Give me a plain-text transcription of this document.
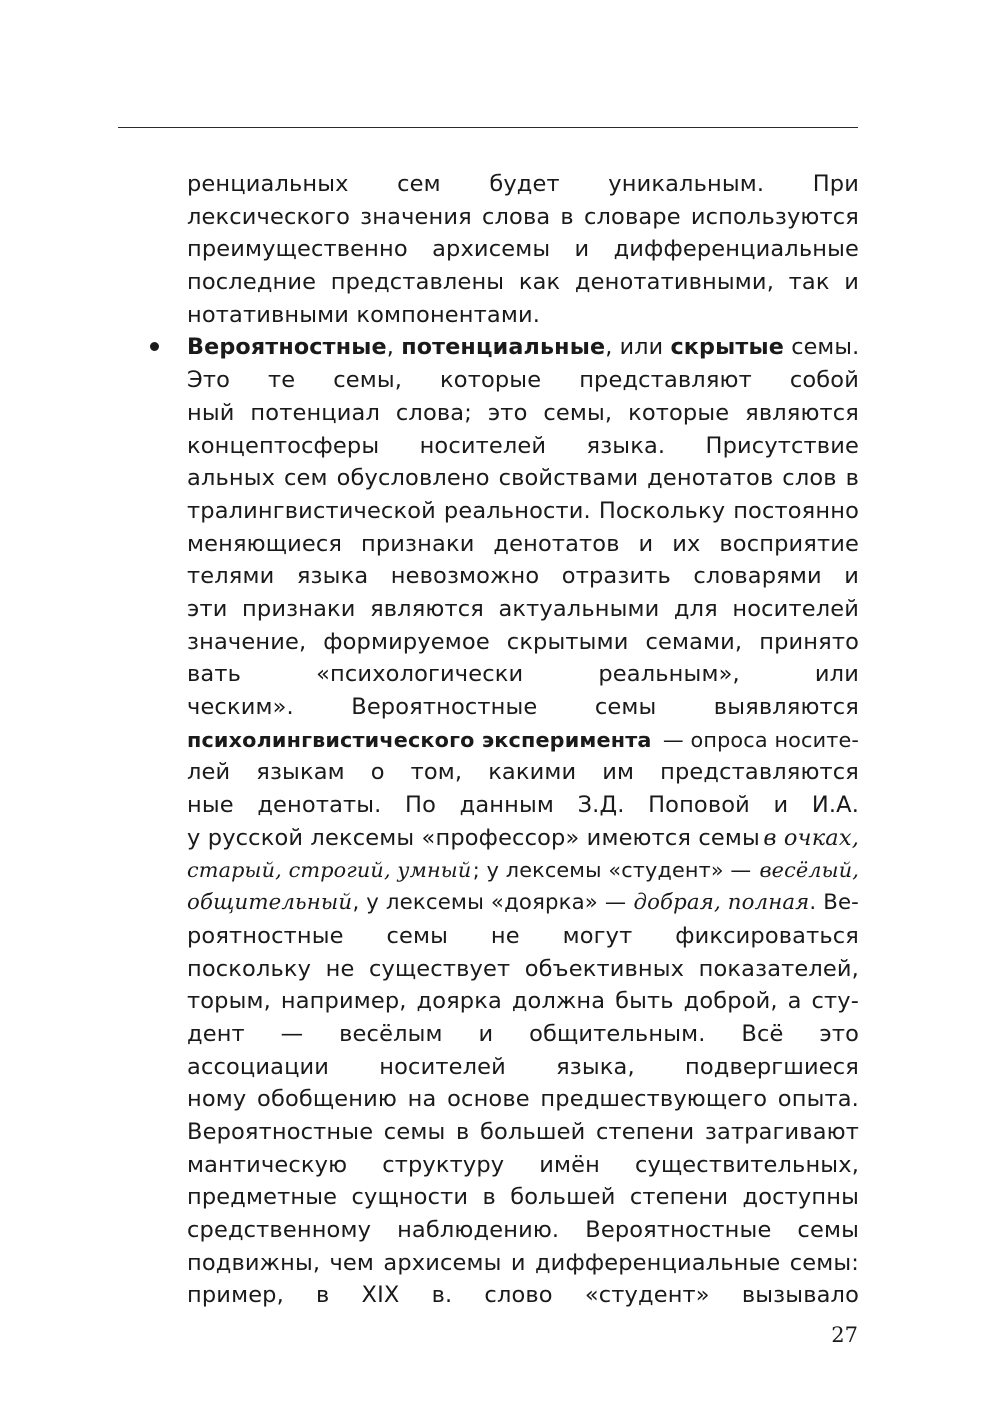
ренциальных сем будет уникальным. При
лексического значения слова в словаре используются
преимущественно архисемы и дифференциальные
последние представлены как денотативными, так и
нотативными компонентами.
Вероятностные, потенциальные , или скрытые семы.
Это те семы, которые представляют собой
ный потенциал слова; это семы, которые являются
концептосферы носителей языка. Присутствие
альных сем обусловлено свойствами денотатов слов в
тралингвистической реальности. Поскольку постоянно
меняющиеся признаки денотатов и их восприятие
телями языка невозможно отразить словарями и
эти признаки являются актуальными для носителей
значение, формируемое скрытыми семами, принято
вать «психологически реальным», или
ческим». Вероятностные семы выявляются
психолингвистического эксперимента — опроса носите-
лей языкам о том, какими им представляются
ные денотаты. По данным З.Д. Поповой и И.А.
у русской лексемы «профессор» имеются семы в очках,
старый, строгий, умный ; у лексемы «студент» — весёлый,
общительный , у лексемы «доярка» — добрая, полная. Ве-
роятностные семы не могут фиксироваться
поскольку не существует объективных показателей,
торым, например, доярка должна быть доброй, а сту-
дент — весёлым и общительным. Всё это
ассоциации носителей языка, подвергшиеся
ному обобщению на основе предшествующего опыта.
Вероятностные семы в большей степени затрагивают
мантическую структуру имён существительных,
предметные сущности в большей степени доступны
средственному наблюдению. Вероятностные семы
подвижны, чем архисемы и дифференциальные семы:
пример, в XIX в. слово «студент» вызывало
27
